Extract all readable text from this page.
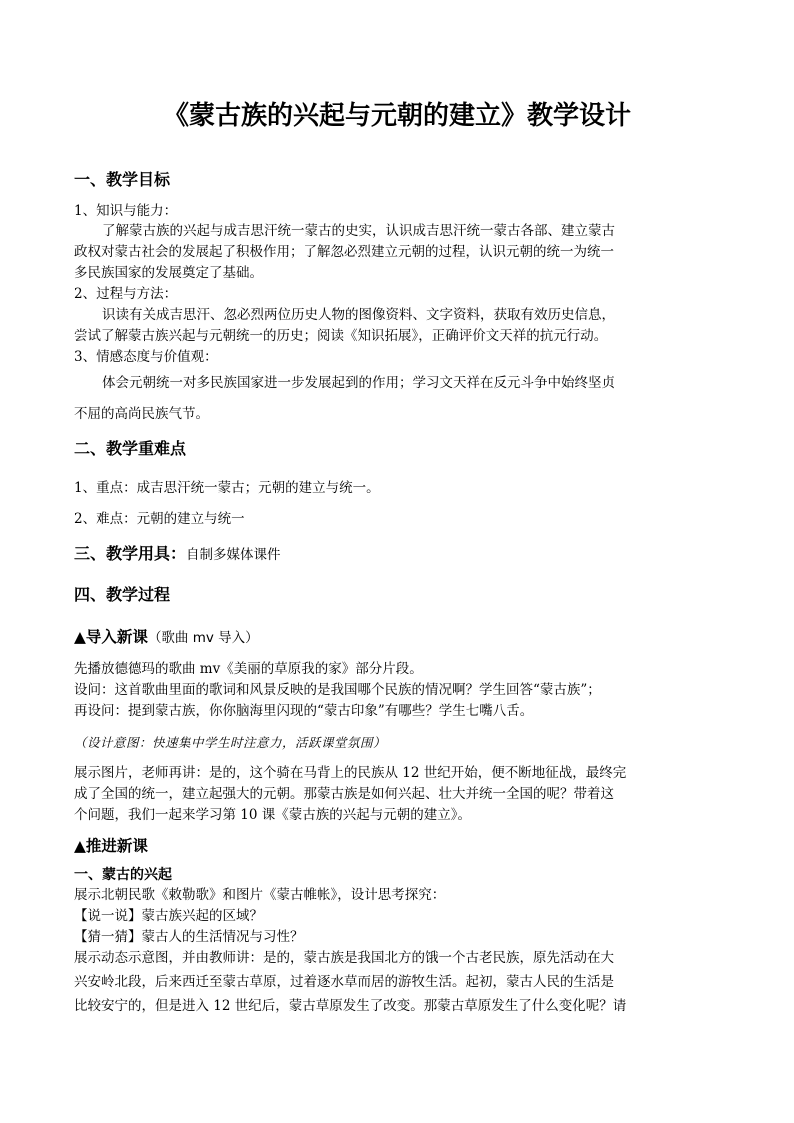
《蒙古族的兴起与元朝的建立》教学设计
一、教学目标
1、知识与能力：
了解蒙古族的兴起与成吉思汗统一蒙古的史实，认识成吉思汗统一蒙古各部、建立蒙古
政权对蒙古社会的发展起了积极作用；了解忽必烈建立元朝的过程，认识元朝的统一为统一
多民族国家的发展奠定了基础。
2、过程与方法：
识读有关成吉思汗、忽必烈两位历史人物的图像资料、文字资料，获取有效历史信息，
尝试了解蒙古族兴起与元朝统一的历史；阅读《知识拓展》，正确评价文天祥的抗元行动。
3、情感态度与价值观：
体会元朝统一对多民族国家进一步发展起到的作用；学习文天祥在反元斗争中始终坚贞
不屈的高尚民族气节。
二、教学重难点
1、重点：成吉思汗统一蒙古；元朝的建立与统一。
2、难点：元朝的建立与统一
三、教学用具：自制多媒体课件
四、教学过程
▲导入新课（歌曲 mv 导入）
先播放德德玛的歌曲 mv《美丽的草原我的家》部分片段。
设问：这首歌曲里面的歌词和风景反映的是我国哪个民族的情况啊？学生回答“蒙古族”；
再设问：提到蒙古族，你你脑海里闪现的“蒙古印象”有哪些？学生七嘴八舌。
（设计意图：快速集中学生时注意力，活跃课堂氛围）
展示图片，老师再讲：是的，这个骑在马背上的民族从 12 世纪开始，便不断地征战，最终完
成了全国的统一，建立起强大的元朝。那蒙古族是如何兴起、壮大并统一全国的呢？带着这
个问题，我们一起来学习第 10 课《蒙古族的兴起与元朝的建立》。
▲推进新课
一、蒙古的兴起
展示北朝民歌《敕勒歌》和图片《蒙古帷帐》，设计思考探究：
【说一说】蒙古族兴起的区域？
【猜一猜】蒙古人的生活情况与习性？
展示动态示意图，并由教师讲：是的，蒙古族是我国北方的饿一个古老民族，原先活动在大
兴安岭北段，后来西迁至蒙古草原，过着逐水草而居的游牧生活。起初，蒙古人民的生活是
比较安宁的，但是进入 12 世纪后，蒙古草原发生了改变。那蒙古草原发生了什么变化呢？请
